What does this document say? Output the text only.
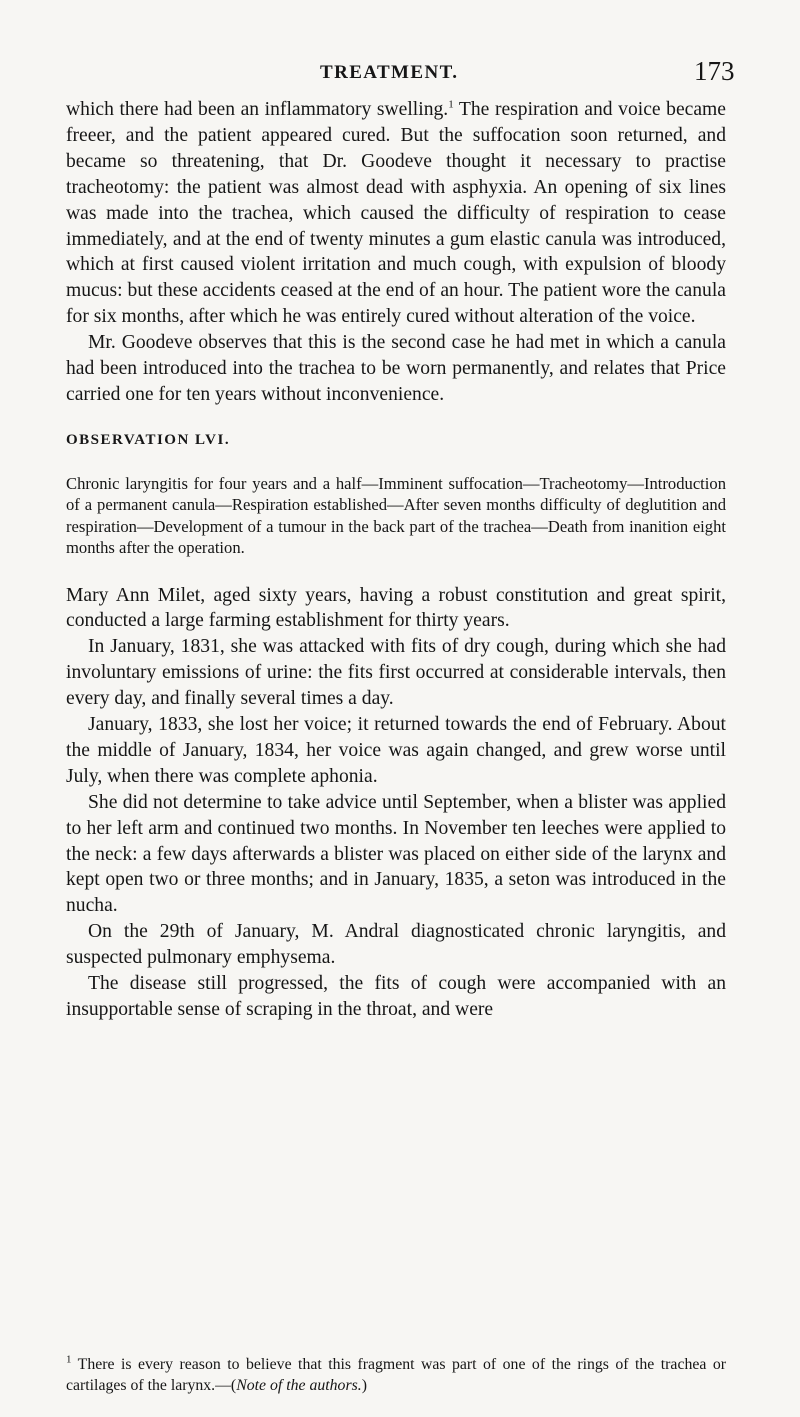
TREATMENT.	173

which there had been an inflammatory swelling.$^1$ The respiration and voice became freeer, and the patient appeared cured. But the suffocation soon returned, and became so threatening, that Dr. Goodeve thought it necessary to practise tracheotomy: the patient was almost dead with asphyxia. An opening of six lines was made into the trachea, which caused the difficulty of respiration to cease immediately, and at the end of twenty minutes a gum elastic canula was introduced, which at first caused violent irritation and much cough, with expulsion of bloody mucus: but these accidents ceased at the end of an hour. The patient wore the canula for six months, after which he was entirely cured without alteration of the voice.

Mr. Goodeve observes that this is the second case he had met in which a canula had been introduced into the trachea to be worn permanently, and relates that Price carried one for ten years without inconvenience.

OBSERVATION LVI.

Chronic laryngitis for four years and a half—Imminent suffocation—Tracheotomy—Introduction of a permanent canula—Respiration established—After seven months difficulty of deglutition and respiration—Development of a tumour in the back part of the trachea—Death from inanition eight months after the operation.

Mary Ann Milet, aged sixty years, having a robust constitution and great spirit, conducted a large farming establishment for thirty years.

In January, 1831, she was attacked with fits of dry cough, during which she had involuntary emissions of urine: the fits first occurred at considerable intervals, then every day, and finally several times a day.

January, 1833, she lost her voice; it returned towards the end of February. About the middle of January, 1834, her voice was again changed, and grew worse until July, when there was complete aphonia.

She did not determine to take advice until September, when a blister was applied to her left arm and continued two months. In November ten leeches were applied to the neck: a few days afterwards a blister was placed on either side of the larynx and kept open two or three months; and in January, 1835, a seton was introduced in the nucha.

On the 29th of January, M. Andral diagnosticated chronic laryngitis, and suspected pulmonary emphysema.

The disease still progressed, the fits of cough were accompanied with an insupportable sense of scraping in the throat, and were

$^1$ There is every reason to believe that this fragment was part of one of the rings of the trachea or cartilages of the larynx.—(Note of the authors.)
